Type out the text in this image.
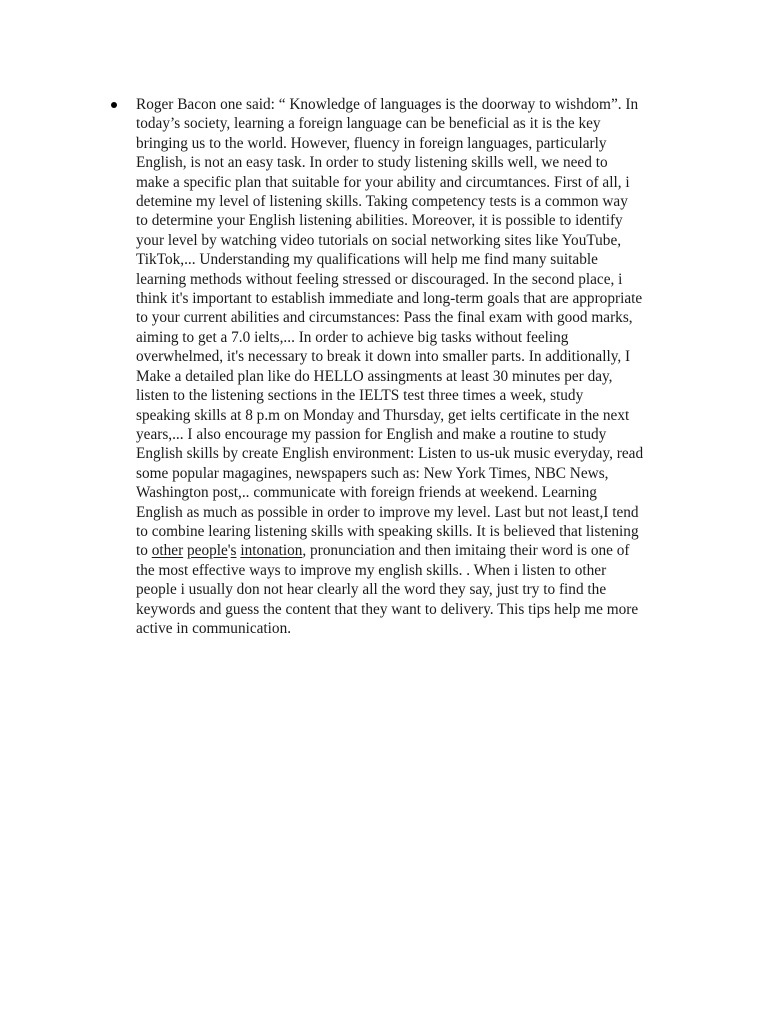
Roger Bacon one said: “ Knowledge of languages is the doorway to wishdom”. In
today’s society, learning a foreign language can be beneficial as it is the key
bringing us to the world. However, fluency in foreign languages, particularly
English, is not an easy task. In order to study listening skills well, we need to
make a specific plan that suitable for your ability and circumtances. First of all, i
detemine my level of listening skills. Taking competency tests is a common way
to determine your English listening abilities. Moreover, it is possible to identify
your level by watching video tutorials on social networking sites like YouTube,
TikTok,... Understanding my qualifications will help me find many suitable
learning methods without feeling stressed or discouraged. In the second place, i
think it's important to establish immediate and long-term goals that are appropriate
to your current abilities and circumstances: Pass the final exam with good marks,
aiming to get a 7.0 ielts,... In order to achieve big tasks without feeling
overwhelmed, it's necessary to break it down into smaller parts. In additionally, I
Make a detailed plan like do HELLO assingments at least 30 minutes per day,
listen to the listening sections in the IELTS test three times a week, study
speaking skills at 8 p.m on Monday and Thursday, get ielts certificate in the next
years,... I also encourage my passion for English and make a routine to study
English skills by create English environment: Listen to us-uk music everyday, read
some popular magagines, newspapers such as: New York Times, NBC News,
Washington post,.. communicate with foreign friends at weekend. Learning
English as much as possible in order to improve my level. Last but not least,I tend
to combine learing listening skills with speaking skills. It is believed that listening
to other people's intonation, pronunciation and then imitaing their word is one of
the most effective ways to improve my english skills. . When i listen to other
people i usually don not hear clearly all the word they say, just try to find the
keywords and guess the content that they want to delivery. This tips help me more
active in communication.
